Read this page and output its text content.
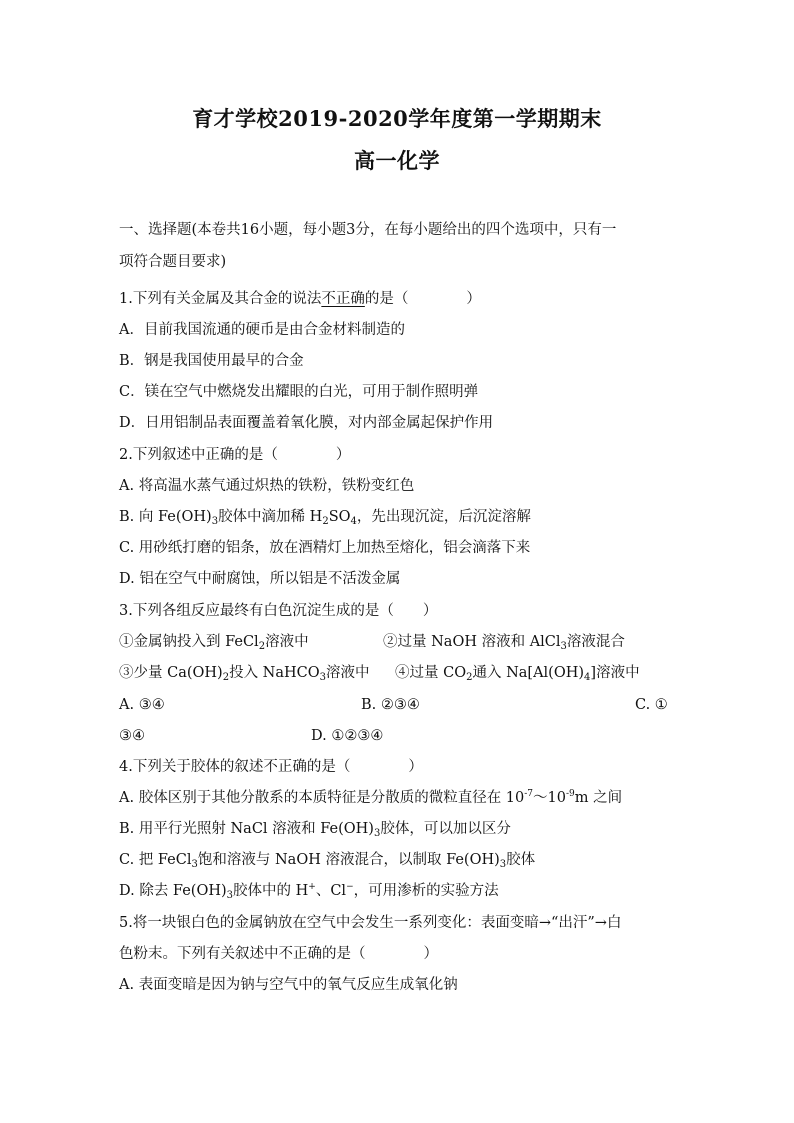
育才学校2019-2020学年度第一学期期末
高一化学
一、选择题(本卷共16小题，每小题3分，在每小题给出的四个选项中，只有一
项符合题目要求)
1.下列有关金属及其合金的说法不正确的是（　　　　）
A．目前我国流通的硬币是由合金材料制造的
B．钢是我国使用最早的合金
C．镁在空气中燃烧发出耀眼的白光，可用于制作照明弹
D．日用铝制品表面覆盖着氧化膜，对内部金属起保护作用
2.下列叙述中正确的是（　　　　）
A. 将高温水蒸气通过炽热的铁粉，铁粉变红色
B. 向 $Fe(OH)_3$胶体中滴加稀 $H_2SO_4$，先出现沉淀，后沉淀溶解
C. 用砂纸打磨的铝条，放在酒精灯上加热至熔化，铝会滴落下来
D. 铝在空气中耐腐蚀，所以铝是不活泼金属
3.下列各组反应最终有白色沉淀生成的是（　　）
①金属钠投入到 FeCl$_2$溶液中	②过量 NaOH 溶液和 AlCl$_3$溶液混合
③少量 $Ca(OH)_2$投入 NaHCO$_3$溶液中 ④过量 $CO_2$通入 $Na[Al(OH)_4]$溶液中
A. ③④	B. ②③④	C. ①
③④	D. ①②③④
4.下列关于胶体的叙述不正确的是（　　　　）
A. 胶体区别于其他分散系的本质特征是分散质的微粒直径在 $10^{-7}\sim 10^{-9}m$ 之间
B. 用平行光照射 NaCl 溶液和 $Fe(OH)_3$胶体，可以加以区分
C. 把 FeCl$_3$饱和溶液与 NaOH 溶液混合，以制取 $Fe(OH)_3$胶体
D. 除去 $Fe(OH)_3$胶体中的 H+、Cl−，可用渗析的实验方法
5.将一块银白色的金属钠放在空气中会发生一系列变化：表面变暗→“出汗”→白
色粉末。下列有关叙述中不正确的是（　　　　）
A. 表面变暗是因为钠与空气中的氧气反应生成氧化钠
